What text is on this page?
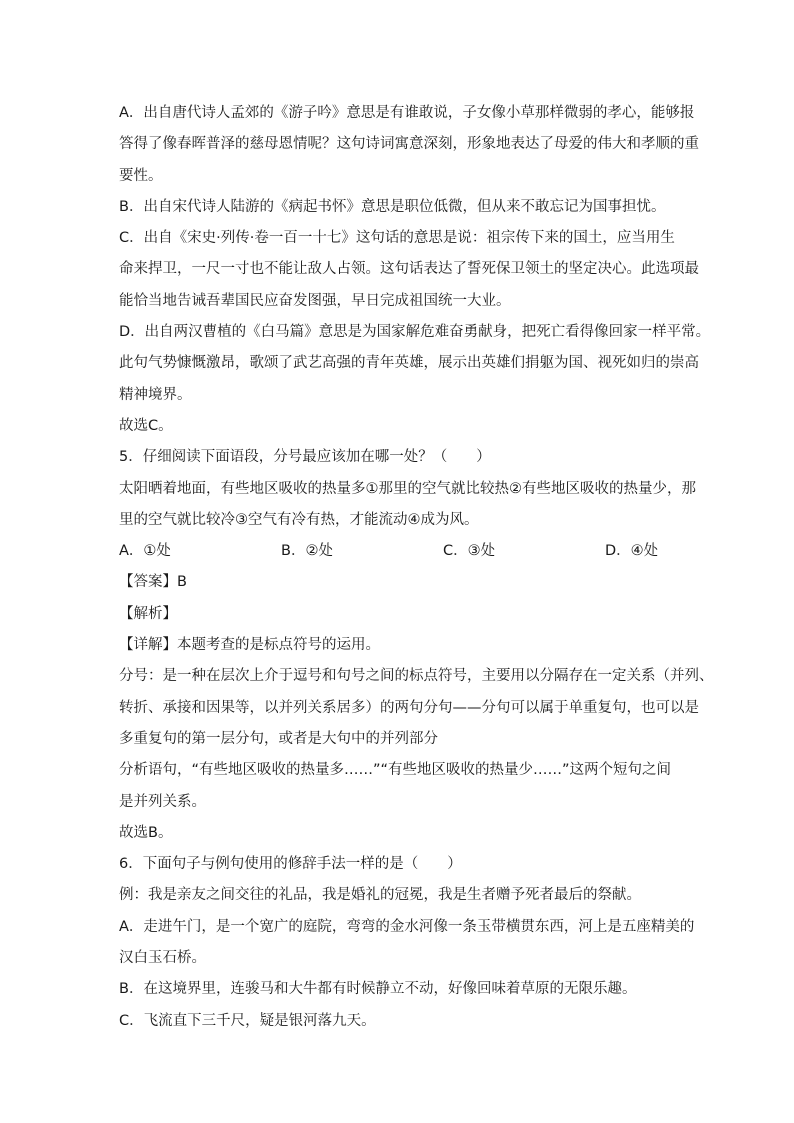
A．出自唐代诗人孟郊的《游子吟》意思是有谁敢说，子女像小草那样微弱的孝心，能够报
答得了像春晖普泽的慈母恩情呢？这句诗词寓意深刻，形象地表达了母爱的伟大和孝顺的重
要性。
B．出自宋代诗人陆游的《病起书怀》意思是职位低微，但从来不敢忘记为国事担忧。
C．出自《宋史·列传·卷一百一十七》这句话的意思是说：祖宗传下来的国土，应当用生
命来捍卫，一尺一寸也不能让敌人占领。这句话表达了誓死保卫领土的坚定决心。此选项最
能恰当地告诫吾辈国民应奋发图强，早日完成祖国统一大业。
D．出自两汉曹植的《白马篇》意思是为国家解危难奋勇献身，把死亡看得像回家一样平常。
此句气势慷慨激昂，歌颂了武艺高强的青年英雄，展示出英雄们捐躯为国、视死如归的崇高
精神境界。
故选C。
5．仔细阅读下面语段，分号最应该加在哪一处？（　　）
太阳晒着地面，有些地区吸收的热量多①那里的空气就比较热②有些地区吸收的热量少，那
里的空气就比较冷③空气有冷有热，才能流动④成为风。
A．①处	B．②处	C．③处	D．④处
【答案】B
【解析】
【详解】本题考查的是标点符号的运用。
分号：是一种在层次上介于逗号和句号之间的标点符号，主要用以分隔存在一定关系（并列、
转折、承接和因果等，以并列关系居多）的两句分句——分句可以属于单重复句，也可以是
多重复句的第一层分句，或者是大句中的并列部分
分析语句，“有些地区吸收的热量多……”“有些地区吸收的热量少……”这两个短句之间
是并列关系。
故选B。
6．下面句子与例句使用的修辞手法一样的是（　　）
例：我是亲友之间交往的礼品，我是婚礼的冠冕，我是生者赠予死者最后的祭献。
A．走进午门，是一个宽广的庭院，弯弯的金水河像一条玉带横贯东西，河上是五座精美的
汉白玉石桥。
B．在这境界里，连骏马和大牛都有时候静立不动，好像回味着草原的无限乐趣。
C．飞流直下三千尺，疑是银河落九天。
